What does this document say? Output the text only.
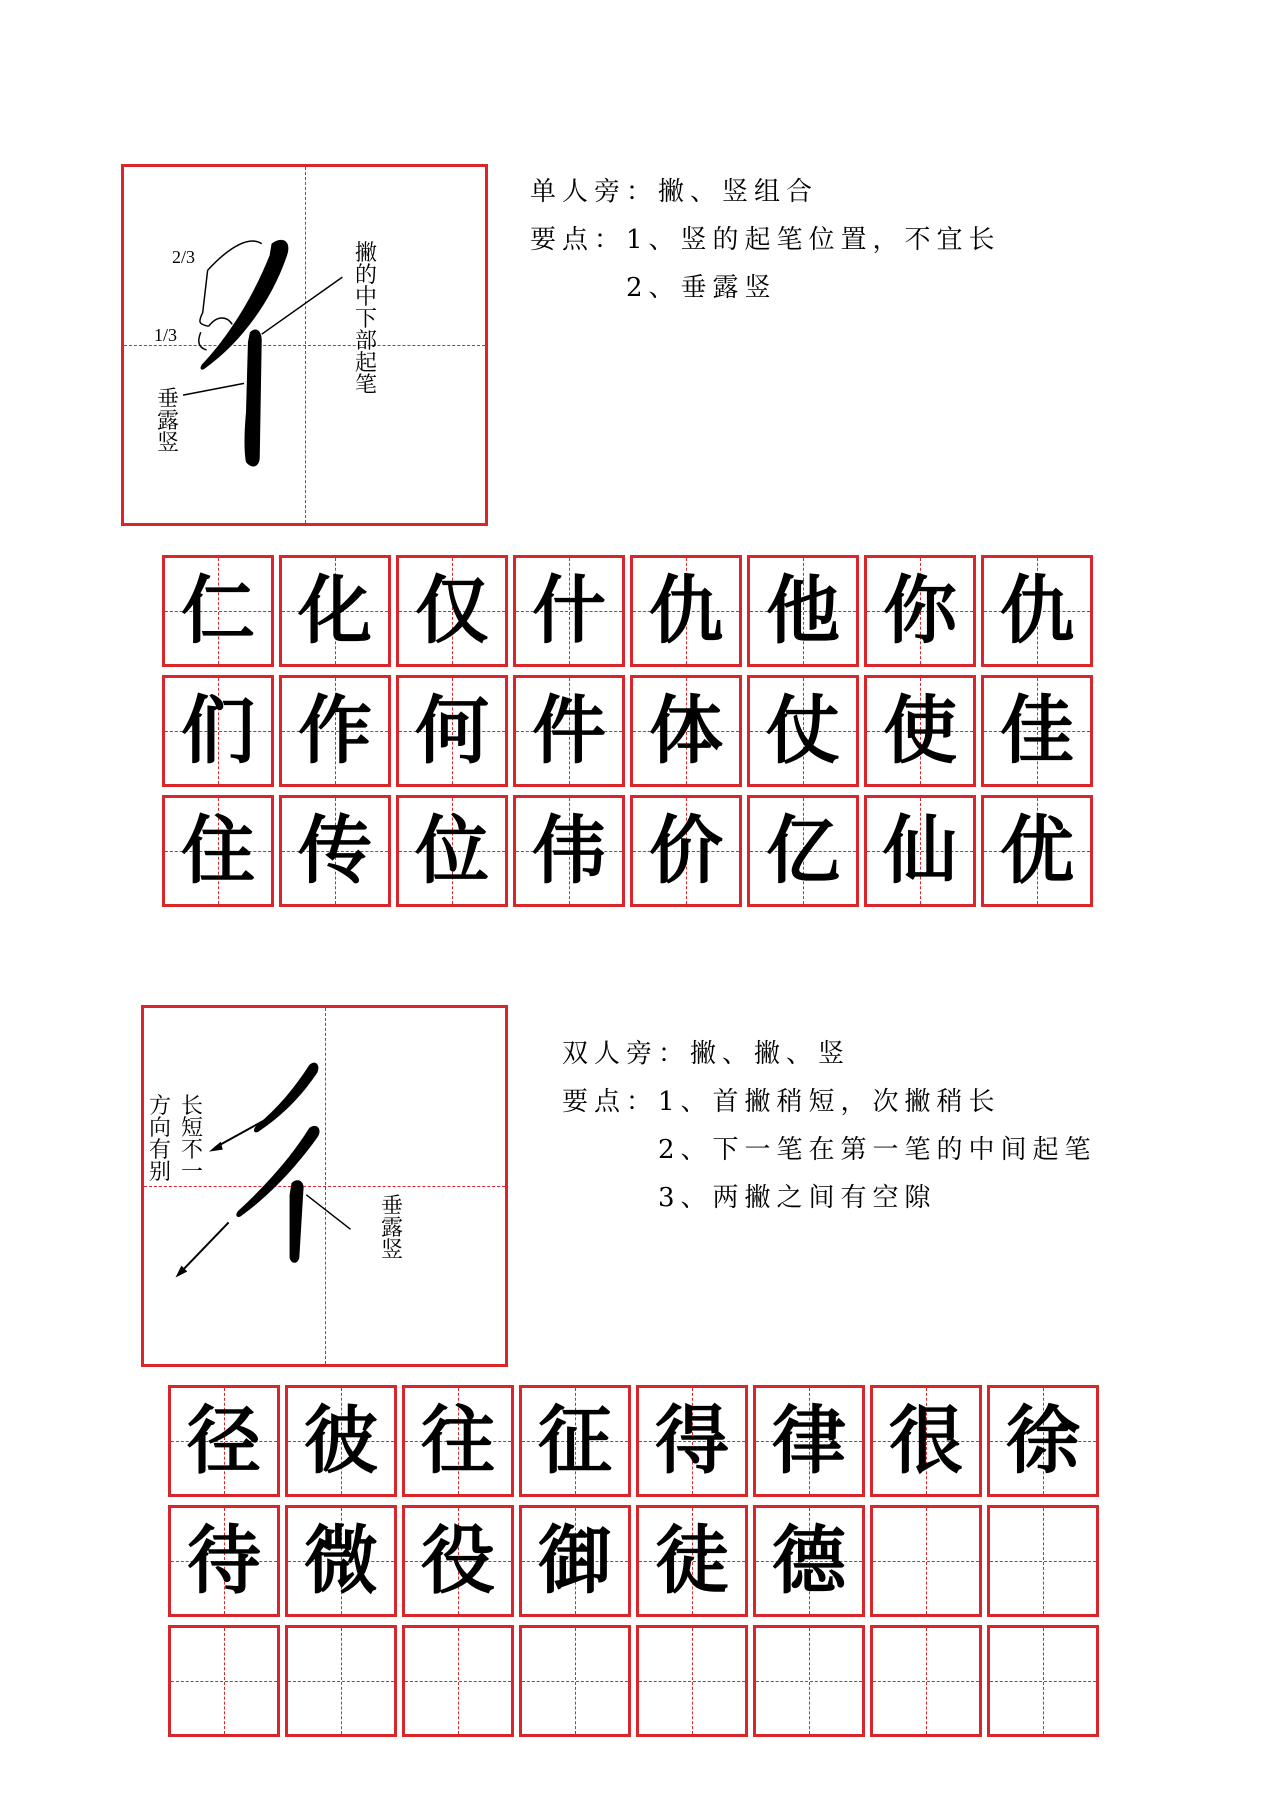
2/3
1/3
撇的中下部起笔
垂露竖
单人旁：撇、竖组合
要点：1、竖的起笔位置，不宜长
2、垂露竖
仁 化 仅 什 仇 他 你 仇
们 作 何 件 体 仗 使 佳
住 传 位 伟 价 亿 仙 优
方向有别
长短不一
垂露竖
双人旁：撇、撇、竖
要点：1、首撇稍短，次撇稍长
2、下一笔在第一笔的中间起笔
3、两撇之间有空隙
径 彼 往 征 得 律 很 徐
待 微 役 御 徒 德
